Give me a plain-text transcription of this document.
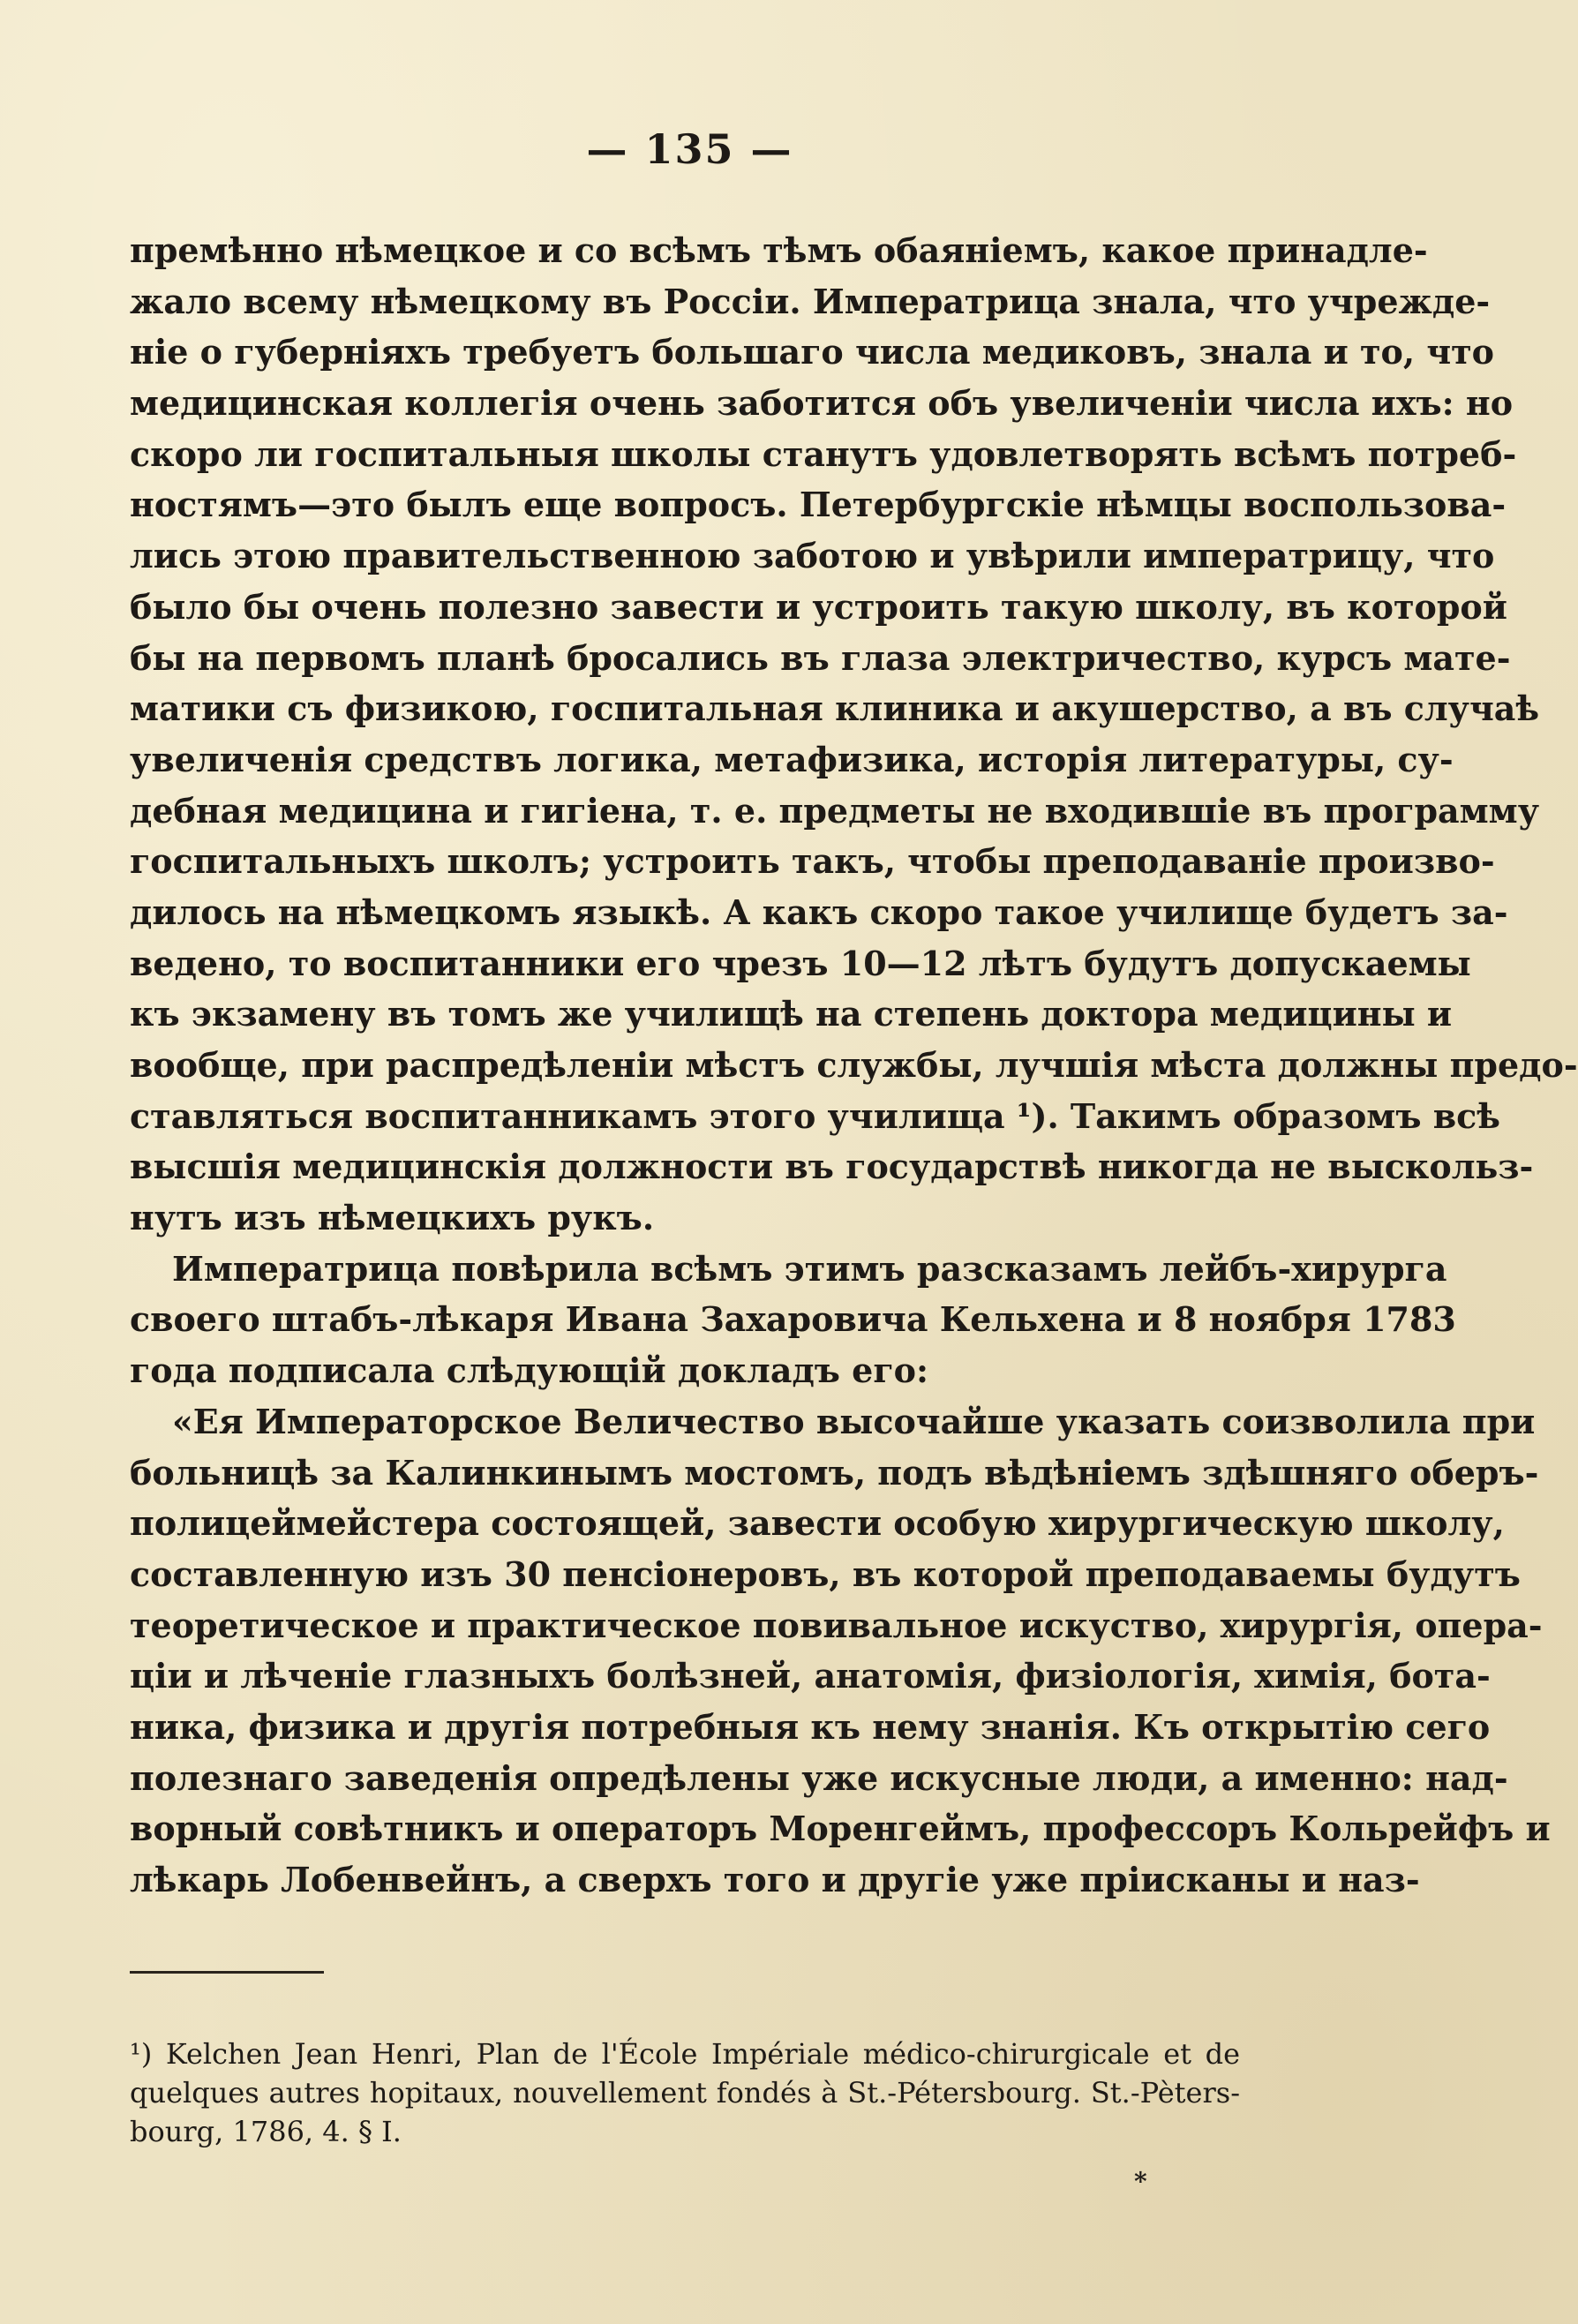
— 135 —
премѣнно нѣмецкое и со всѣмъ тѣмъ обаяніемъ, какое принадле-
жало всему нѣмецкому въ Россіи. Императрица знала, что учрежде-
ніе о губерніяхъ требуетъ большаго числа медиковъ, знала и то, что
медицинская коллегія очень заботится объ увеличеніи числа ихъ: но
скоро ли госпитальныя школы станутъ удовлетворять всѣмъ потреб-
ностямъ—это былъ еще вопросъ. Петербургскіе нѣмцы воспользова-
лись этою правительственною заботою и увѣрили императрицу, что
было бы очень полезно завести и устроить такую школу, въ которой
бы на первомъ планѣ бросались въ глаза электричество, курсъ мате-
матики съ физикою, госпитальная клиника и акушерство, а въ случаѣ
увеличенія средствъ логика, метафизика, исторія литературы, су-
дебная медицина и гигіена, т. е. предметы не входившіе въ программу
госпитальныхъ школъ; устроить такъ, чтобы преподаваніе произво-
дилось на нѣмецкомъ языкѣ. А какъ скоро такое училище будетъ за-
ведено, то воспитанники его чрезъ 10—12 лѣтъ будутъ допускаемы
къ экзамену въ томъ же училищѣ на степень доктора медицины и
вообще, при распредѣленіи мѣстъ службы, лучшія мѣста должны предо-
ставляться воспитанникамъ этого училища ¹). Такимъ образомъ всѣ
высшія медицинскія должности въ государствѣ никогда не выскольз-
нутъ изъ нѣмецкихъ рукъ.
Императрица повѣрила всѣмъ этимъ разсказамъ лейбъ-хирурга
своего штабъ-лѣкаря Ивана Захаровича Кельхена и 8 ноября 1783
года подписала слѣдующій докладъ его:
«Ея Императорское Величество высочайше указать соизволила при
больницѣ за Калинкинымъ мостомъ, подъ вѣдѣніемъ здѣшняго оберъ-
полицеймейстера состоящей, завести особую хирургическую школу,
составленную изъ 30 пенсіонеровъ, въ которой преподаваемы будутъ
теоретическое и практическое повивальное искуство, хирургія, опера-
ціи и лѣченіе глазныхъ болѣзней, анатомія, физіологія, химія, бота-
ника, физика и другія потребныя къ нему знанія. Къ открытію сего
полезнаго заведенія опредѣлены уже искусные люди, а именно: над-
ворный совѣтникъ и операторъ Моренгеймъ, профессоръ Кольрейфъ и
лѣкарь Лобенвейнъ, а сверхъ того и другіе уже пріисканы и наз-
¹) Kelchen Jean Henri, Plan de l'École Impériale médico-chirurgicale et de
quelques autres hopitaux, nouvellement fondés à St.-Pétersbourg. St.-Pèters-
bourg, 1786, 4. § I.
*
